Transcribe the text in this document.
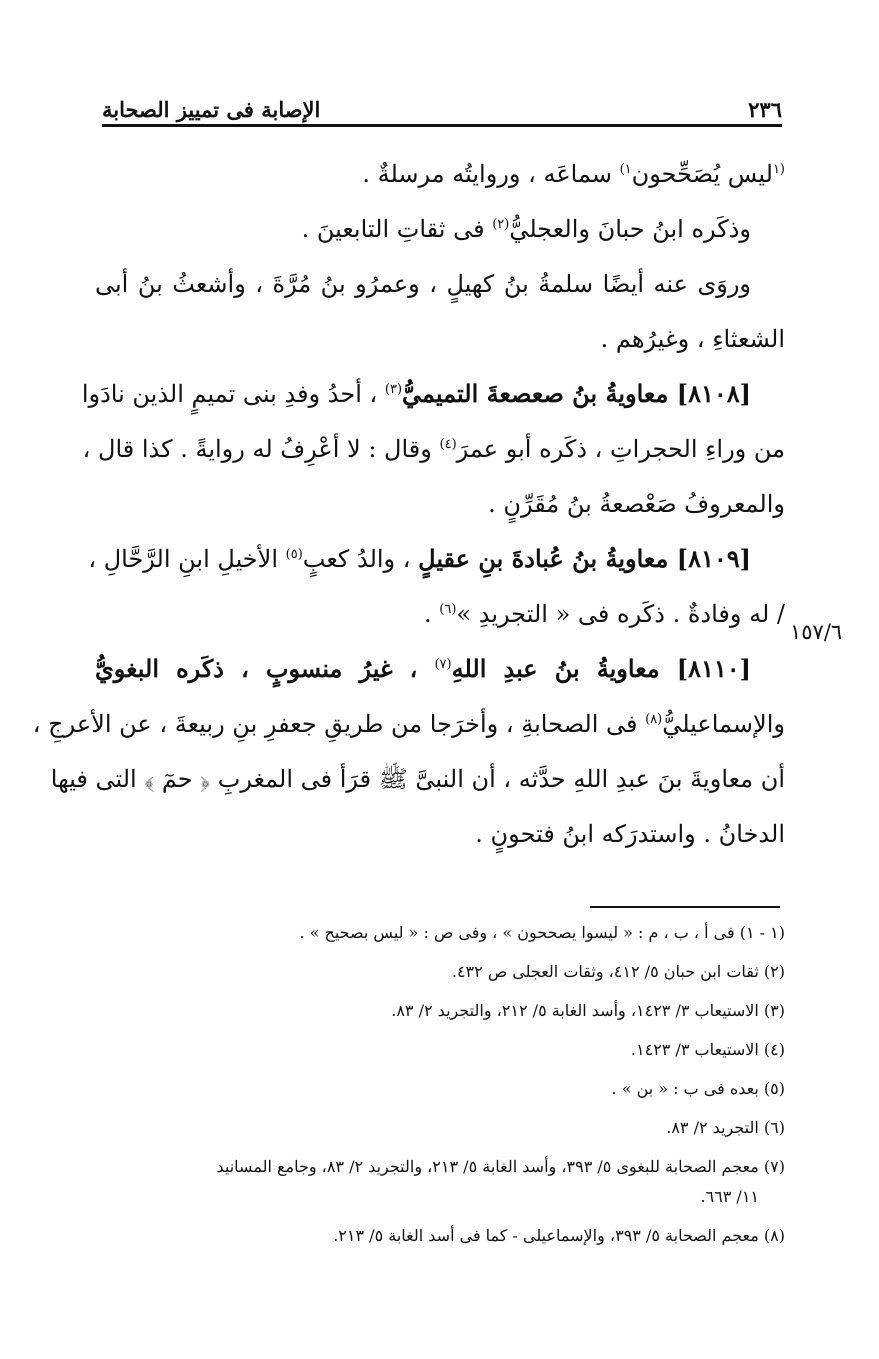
٢٣٦
الإصابة فى تمييز الصحابة
$^{(١}$ليس يُصَحِّحون$^{١)}$ سماعَه ، وروايتُه مرسلةٌ .
وذكَره ابنُ حبانَ والعجليُّ$^{(٢)}$ فى ثقاتِ التابعينَ .
وروَى عنه أيضًا سلمةُ بنُ كهيلٍ ، وعمرُو بنُ مُرَّةَ ، وأشعثُ بنُ أبى
الشعثاءِ ، وغيرُهم .
[٨١٠٨] معاويةُ بنُ صعصعةَ التميميُّ$^{(٣)}$ ، أحدُ وفدِ بنى تميمٍ الذين نادَوا
من وراءِ الحجراتِ ، ذكَره أبو عمرَ$^{(٤)}$ وقال : لا أعْرِفُ له روايةً . كذا قال ،
والمعروفُ صَعْصعةُ بنُ مُقَرِّنٍ .
[٨١٠٩] معاويةُ بنُ عُبادةَ بنِ عقيلٍ ، والدُ كعبٍ$^{(٥)}$ الأخيلِ ابنِ الرَّحَّالِ ،
/ له وفادةٌ . ذكَره فى « التجريدِ »$^{(٦)}$ .
[٨١١٠] معاويةُ بنُ عبدِ اللهِ$^{(٧)}$ ، غيرُ منسوبٍ ، ذكَره البغويُّ
والإسماعيليُّ$^{(٨)}$ فى الصحابةِ ، وأخرَجا من طريقِ جعفرِ بنِ ربيعةَ ، عن الأعرجِ ،
أن معاويةَ بنَ عبدِ اللهِ حدَّثه ، أن النبىَّ ﷺ قرَأ فى المغربِ ﴿ حمٓ ﴾ التى فيها
الدخانُ . واستدرَكه ابنُ فتحونٍ .
١٥٧/٦
(١ - ١) فى أ ، ب ، م : « ليسوا يصححون » ، وفى ص : « ليس بصحيح » .
(٢) ثقات ابن حبان ٥/ ٤١٢، وثقات العجلى ص ٤٣٢.
(٣) الاستيعاب ٣/ ١٤٢٣، وأسد الغابة ٥/ ٢١٢، والتجريد ٢/ ٨٣.
(٤) الاستيعاب ٣/ ١٤٢٣.
(٥) بعده فى ب : « بن » .
(٦) التجريد ٢/ ٨٣.
(٧) معجم الصحابة للبغوى ٥/ ٣٩٣، وأسد الغابة ٥/ ٢١٣، والتجريد ٢/ ٨٣، وجامع المسانيد
١١/ ٦٦٣.
(٨) معجم الصحابة ٥/ ٣٩٣، والإسماعيلى - كما فى أسد الغابة ٥/ ٢١٣.
